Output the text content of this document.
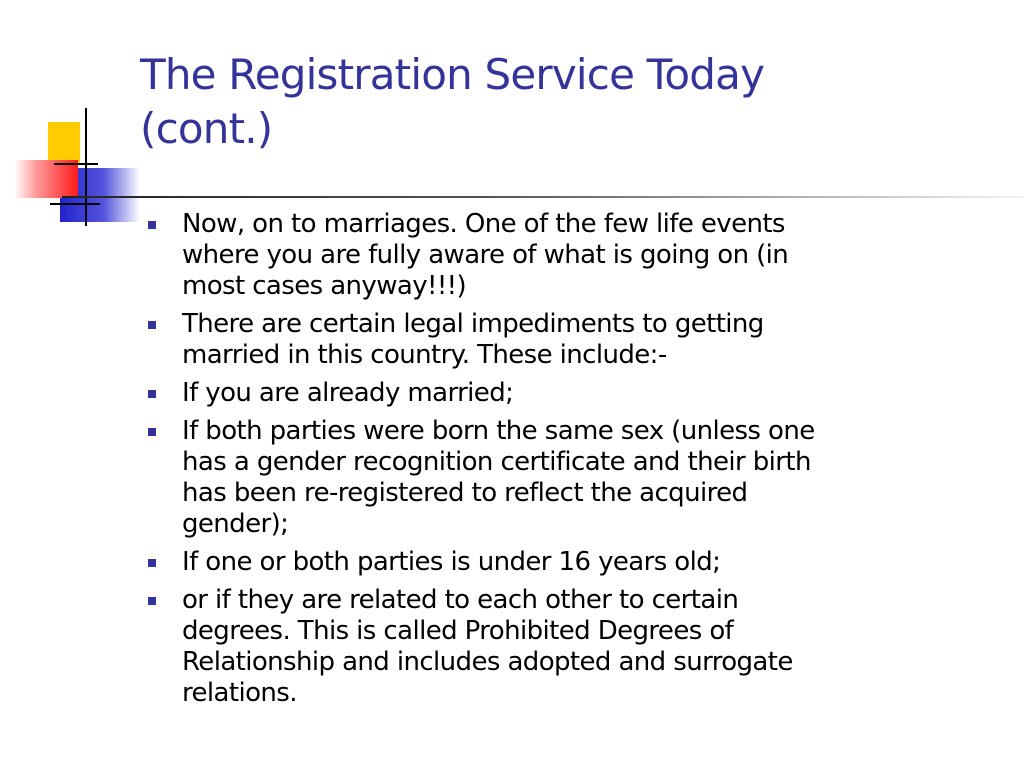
The Registration Service Today
(cont.)
Now, on to marriages. One of the few life events
where you are fully aware of what is going on (in
most cases anyway!!!)
There are certain legal impediments to getting
married in this country. These include:-
If you are already married;
If both parties were born the same sex (unless one
has a gender recognition certificate and their birth
has been re-registered to reflect the acquired
gender);
If one or both parties is under 16 years old;
or if they are related to each other to certain
degrees. This is called Prohibited Degrees of
Relationship and includes adopted and surrogate
relations.
